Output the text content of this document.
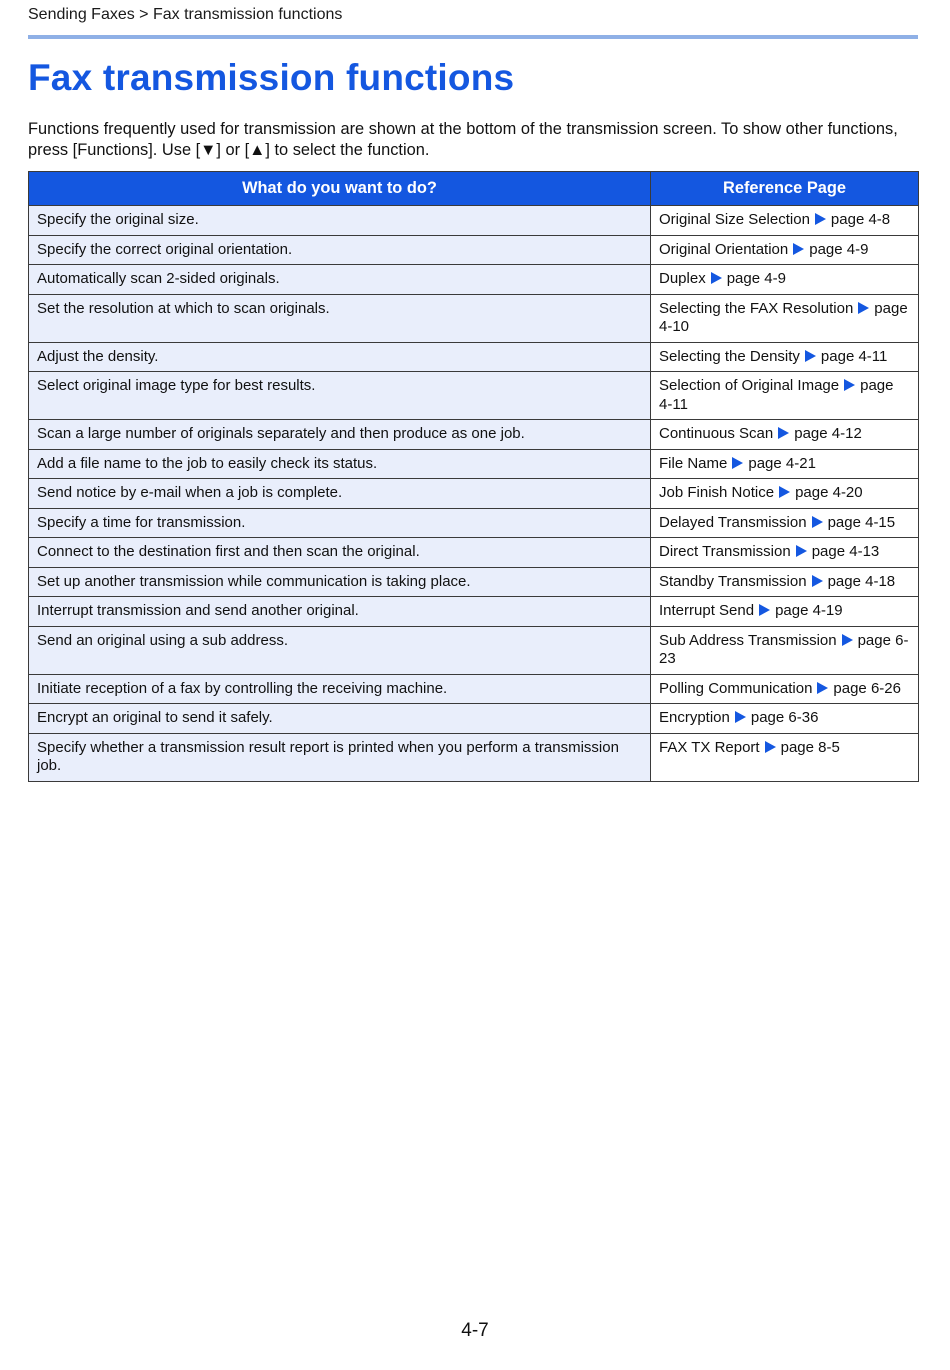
Sending Faxes > Fax transmission functions
Fax transmission functions

Functions frequently used for transmission are shown at the bottom of the transmission screen. To show other functions, press [Functions]. Use [▼] or [▲] to select the function.

What do you want to do?	Reference Page
Specify the original size.	Original Size Selection page 4-8
Specify the correct original orientation.	Original Orientation page 4-9
Automatically scan 2-sided originals.	Duplex page 4-9
Set the resolution at which to scan originals.	Selecting the FAX Resolution page 4-10
Adjust the density.	Selecting the Density page 4-11
Select original image type for best results.	Selection of Original Image page 4-11
Scan a large number of originals separately and then produce as one job.	Continuous Scan page 4-12
Add a file name to the job to easily check its status.	File Name page 4-21
Send notice by e-mail when a job is complete.	Job Finish Notice page 4-20
Specify a time for transmission.	Delayed Transmission page 4-15
Connect to the destination first and then scan the original.	Direct Transmission page 4-13
Set up another transmission while communication is taking place.	Standby Transmission page 4-18
Interrupt transmission and send another original.	Interrupt Send page 4-19
Send an original using a sub address.	Sub Address Transmission page 6-23
Initiate reception of a fax by controlling the receiving machine.	Polling Communication page 6-26
Encrypt an original to send it safely.	Encryption page 6-36
Specify whether a transmission result report is printed when you perform a transmission job.	FAX TX Report page 8-5
4-7
